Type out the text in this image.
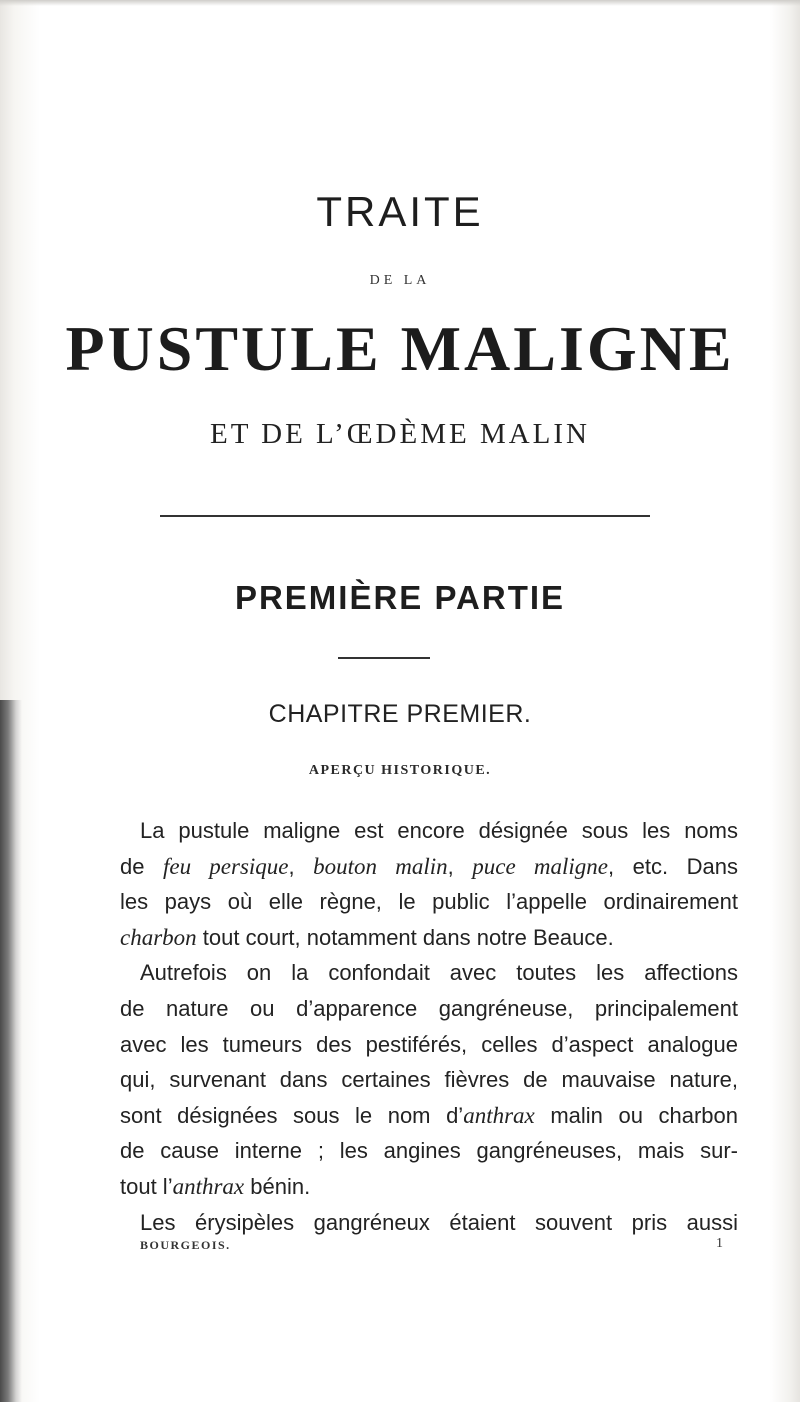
TRAITE
DE LA
PUSTULE MALIGNE
ET DE L’ŒDÈME MALIN
PREMIÈRE PARTIE
CHAPITRE PREMIER.
APERÇU HISTORIQUE.
La pustule maligne est encore désignée sous les noms
de feu persique, bouton malin, puce maligne, etc. Dans
les pays où elle règne, le public l’appelle ordinairement
charbon tout court, notamment dans notre Beauce.
Autrefois on la confondait avec toutes les affections
de nature ou d’apparence gangréneuse, principalement
avec les tumeurs des pestiférés, celles d’aspect analogue
qui, survenant dans certaines fièvres de mauvaise nature,
sont désignées sous le nom d’anthrax malin ou charbon
de cause interne ; les angines gangréneuses, mais sur-
tout l’anthrax bénin.
Les érysipèles gangréneux étaient souvent pris aussi
BOURGEOIS.	1
